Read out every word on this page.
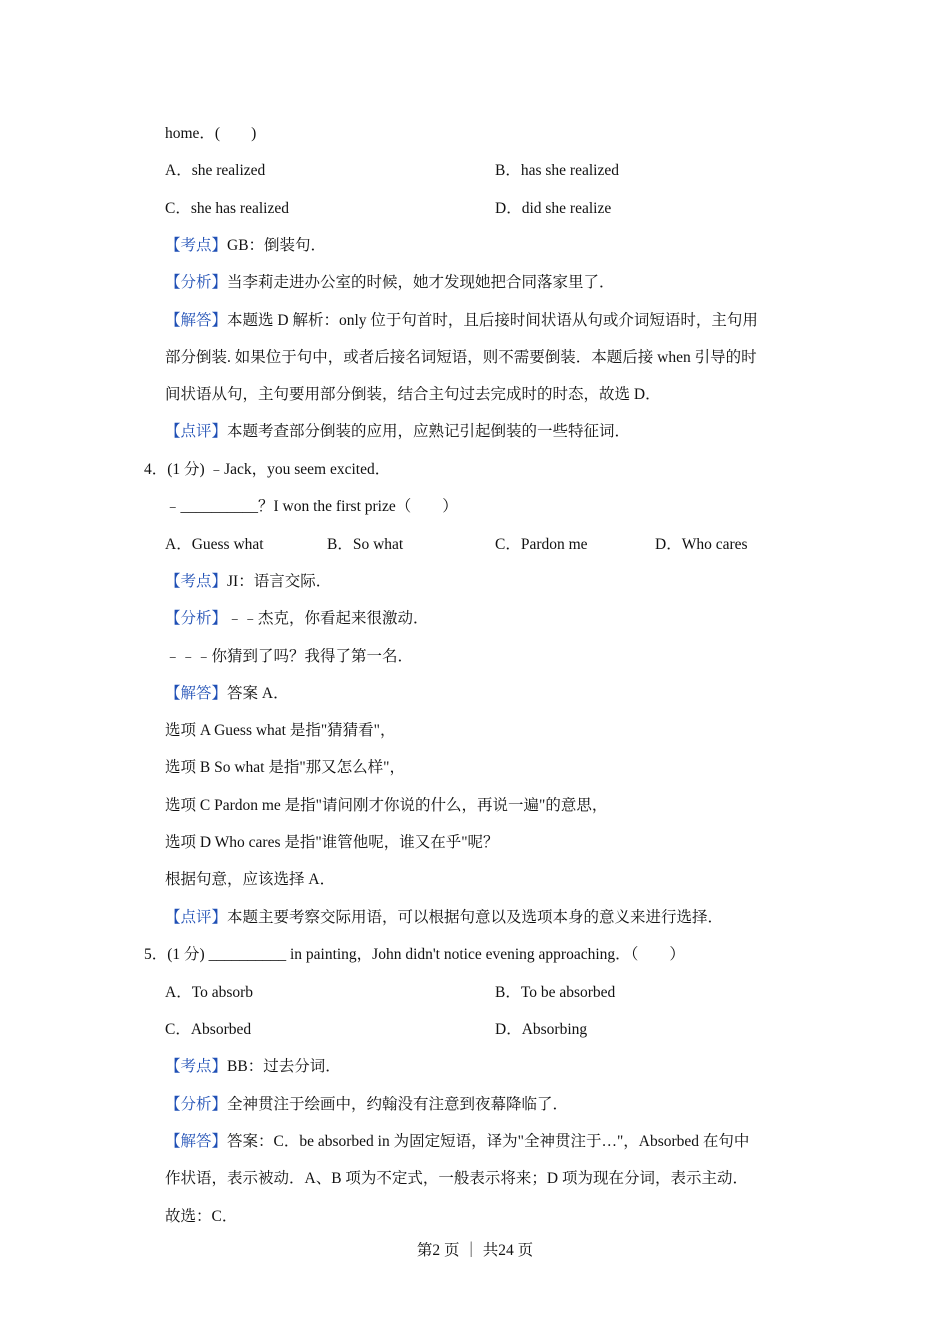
home．(　　)
A．she realized	B．has she realized
C．she has realized	D．did she realize
【考点】GB：倒装句．
【分析】当李莉走进办公室的时候，她才发现她把合同落家里了．
【解答】本题选 D 解析：only 位于句首时，且后接时间状语从句或介词短语时，主句用
部分倒装. 如果位于句中，或者后接名词短语，则不需要倒装．本题后接 when 引导的时
间状语从句，主句要用部分倒装，结合主句过去完成时的时态，故选 D．
【点评】本题考查部分倒装的应用，应熟记引起倒装的一些特征词．
4．(1 分) ﹣Jack，you seem excited．
﹣__________？I won the first prize（　　）
A．Guess what	B．So what	C．Pardon me	D．Who cares
【考点】JI：语言交际．
【分析】﹣﹣杰克，你看起来很激动．
﹣﹣﹣你猜到了吗？我得了第一名．
【解答】答案 A．
选项 A Guess what 是指"猜猜看"，
选项 B So what 是指"那又怎么样"，
选项 C Pardon me 是指"请问刚才你说的什么，再说一遍"的意思，
选项 D Who cares 是指"谁管他呢，谁又在乎"呢？
根据句意，应该选择 A．
【点评】本题主要考察交际用语，可以根据句意以及选项本身的意义来进行选择．
5．(1 分) __________ in painting，John didn't notice evening approaching．（　　）
A．To absorb	B．To be absorbed
C．Absorbed	D．Absorbing
【考点】BB：过去分词．
【分析】全神贯注于绘画中，约翰没有注意到夜幕降临了．
【解答】答案：C．be absorbed in 为固定短语，译为"全神贯注于…"，Absorbed 在句中
作状语，表示被动．A、B 项为不定式，一般表示将来；D 项为现在分词，表示主动．
故选：C．
第2 页 ｜ 共24 页
